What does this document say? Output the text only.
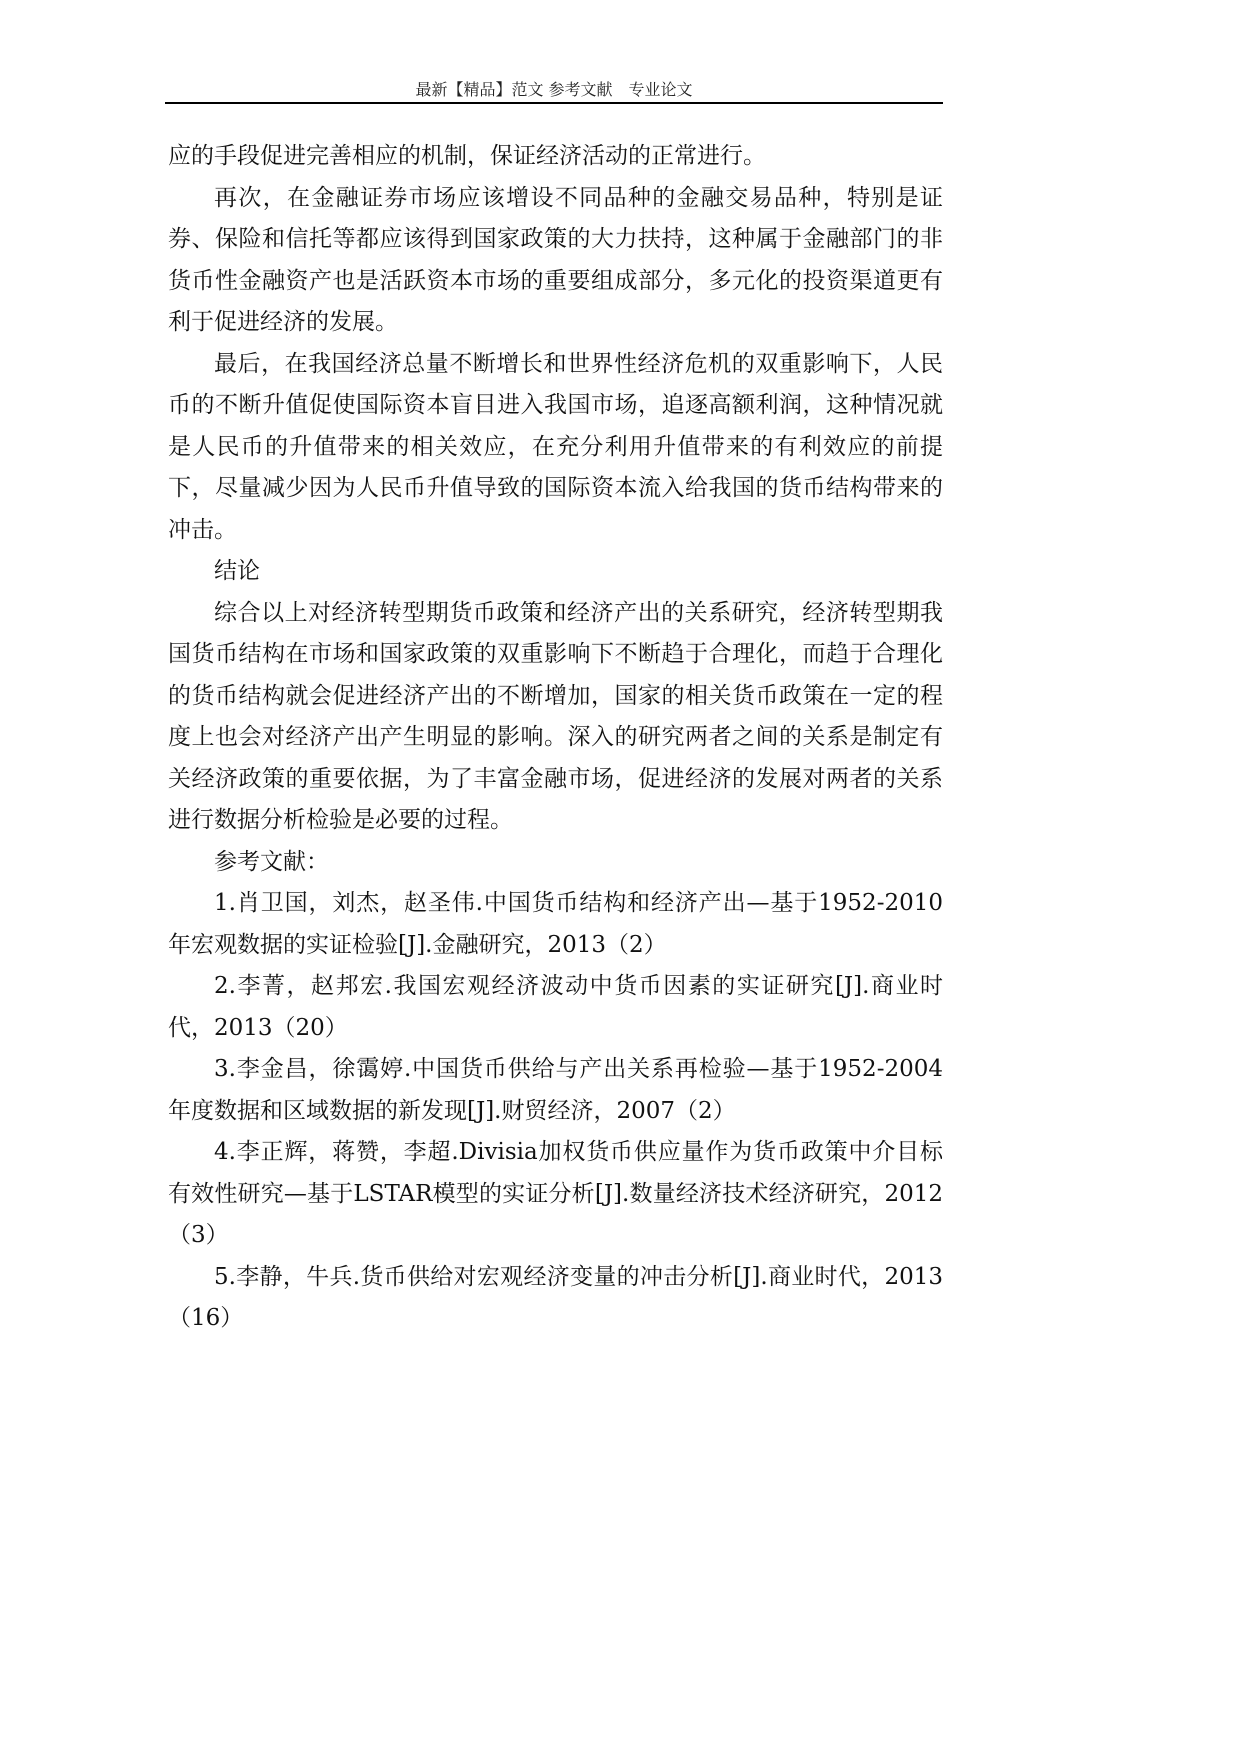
最新【精品】范文 参考文献　专业论文

应的手段促进完善相应的机制，保证经济活动的正常进行。

再次，在金融证券市场应该增设不同品种的金融交易品种，特别是证券、保险和信托等都应该得到国家政策的大力扶持，这种属于金融部门的非货币性金融资产也是活跃资本市场的重要组成部分，多元化的投资渠道更有利于促进经济的发展。

最后，在我国经济总量不断增长和世界性经济危机的双重影响下，人民币的不断升值促使国际资本盲目进入我国市场，追逐高额利润，这种情况就是人民币的升值带来的相关效应，在充分利用升值带来的有利效应的前提下，尽量减少因为人民币升值导致的国际资本流入给我国的货币结构带来的冲击。

结论

综合以上对经济转型期货币政策和经济产出的关系研究，经济转型期我国货币结构在市场和国家政策的双重影响下不断趋于合理化，而趋于合理化的货币结构就会促进经济产出的不断增加，国家的相关货币政策在一定的程度上也会对经济产出产生明显的影响。深入的研究两者之间的关系是制定有关经济政策的重要依据，为了丰富金融市场，促进经济的发展对两者的关系进行数据分析检验是必要的过程。

参考文献：

1.肖卫国，刘杰，赵圣伟.中国货币结构和经济产出—基于1952-2010年宏观数据的实证检验[J].金融研究，2013（2）

2.李菁，赵邦宏.我国宏观经济波动中货币因素的实证研究[J].商业时代，2013（20）

3.李金昌，徐霭婷.中国货币供给与产出关系再检验—基于1952-2004年度数据和区域数据的新发现[J].财贸经济，2007（2）

4.李正辉，蒋赞，李超.Divisia加权货币供应量作为货币政策中介目标有效性研究—基于LSTAR模型的实证分析[J].数量经济技术经济研究，2012（3）

5.李静，牛兵.货币供给对宏观经济变量的冲击分析[J].商业时代，2013 （16）
